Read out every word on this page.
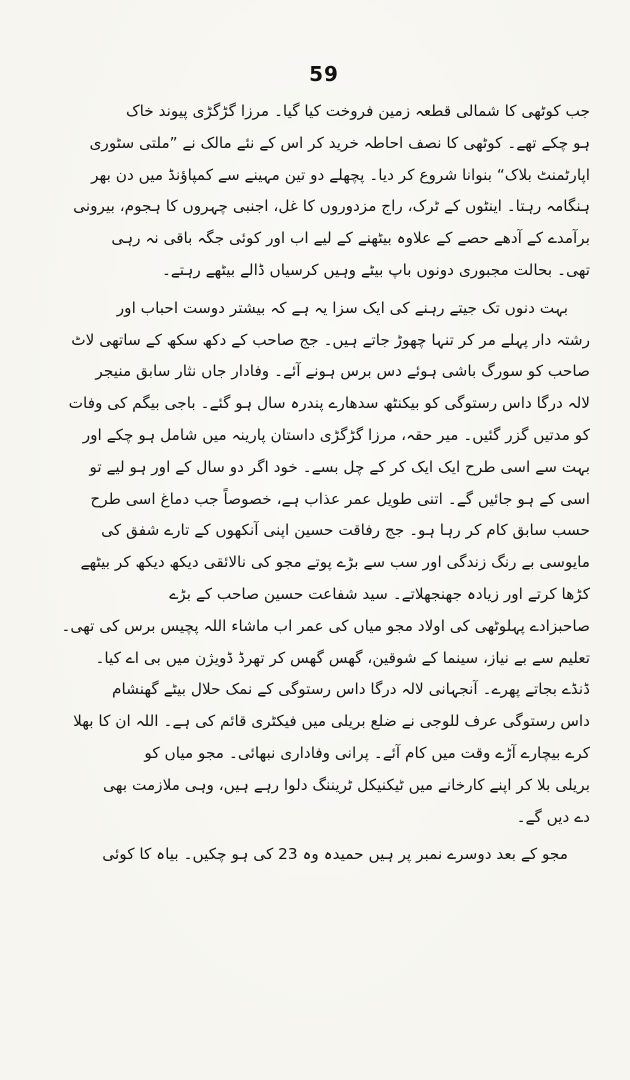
59

جب کوٹھی کا شمالی قطعہ زمین فروخت کیا گیا۔ مرزا گڑگڑی پیوند خاک
ہو چکے تھے۔ کوٹھی کا نصف احاطہ خرید کر اس کے نئے مالک نے ”ملتی سٹوری
اپارٹمنٹ بلاک“ بنوانا شروع کر دیا۔ پچھلے دو تین مہینے سے کمپاؤنڈ میں دن بھر
ہنگامہ رہتا۔ اینٹوں کے ٹرک، راج مزدوروں کا غل، اجنبی چہروں کا ہجوم، بیرونی
برآمدے کے آدھے حصے کے علاوہ بیٹھنے کے لیے اب اور کوئی جگہ باقی نہ رہی
تھی۔ بحالت مجبوری دونوں باپ بیٹے وہیں کرسیاں ڈالے بیٹھے رہتے۔

بہت دنوں تک جیتے رہنے کی ایک سزا یہ ہے کہ بیشتر دوست احباب اور
رشتہ دار پہلے مر کر تنہا چھوڑ جاتے ہیں۔ جج صاحب کے دکھ سکھ کے ساتھی لاٹ
صاحب کو سورگ باشی ہوئے دس برس ہونے آئے۔ وفادار جاں نثار سابق منیجر
لالہ درگا داس رستوگی کو بیکنٹھ سدھارے پندرہ سال ہو گئے۔ باجی بیگم کی وفات
کو مدتیں گزر گئیں۔ میر حقہ، مرزا گڑگڑی داستان پارینہ میں شامل ہو چکے اور
بہت سے اسی طرح ایک ایک کر کے چل بسے۔ خود اگر دو سال کے اور ہو لیے تو
اسی کے ہو جائیں گے۔ اتنی طویل عمر عذاب ہے، خصوصاً جب دماغ اسی طرح
حسب سابق کام کر رہا ہو۔ جج رفاقت حسین اپنی آنکھوں کے تارے شفق کی
مایوسی بے رنگ زندگی اور سب سے بڑے پوتے مجو کی نالائقی دیکھ دیکھ کر بیٹھے
کڑھا کرتے اور زیادہ جھنجھلاتے۔ سید شفاعت حسین صاحب کے بڑے
صاحبزادے پہلوٹھی کی اولاد مجو میاں کی عمر اب ماشاء اللہ پچیس برس کی تھی۔
تعلیم سے بے نیاز، سینما کے شوقین، گھس گھس کر تھرڈ ڈویژن میں بی اے کیا۔
ڈنڈے بجاتے پھرے۔ آنجہانی لالہ درگا داس رستوگی کے نمک حلال بیٹے گھنشام
داس رستوگی عرف للوجی نے ضلع بریلی میں فیکٹری قائم کی ہے۔ اللہ ان کا بھلا
کرے بیچارے آڑے وقت میں کام آئے۔ پرانی وفاداری نبھائی۔ مجو میاں کو
بریلی بلا کر اپنے کارخانے میں ٹیکنیکل ٹریننگ دلوا رہے ہیں، وہی ملازمت بھی
دے دیں گے۔

مجو کے بعد دوسرے نمبر پر ہیں حمیدہ وہ 23 کی ہو چکیں۔ بیاہ کا کوئی
